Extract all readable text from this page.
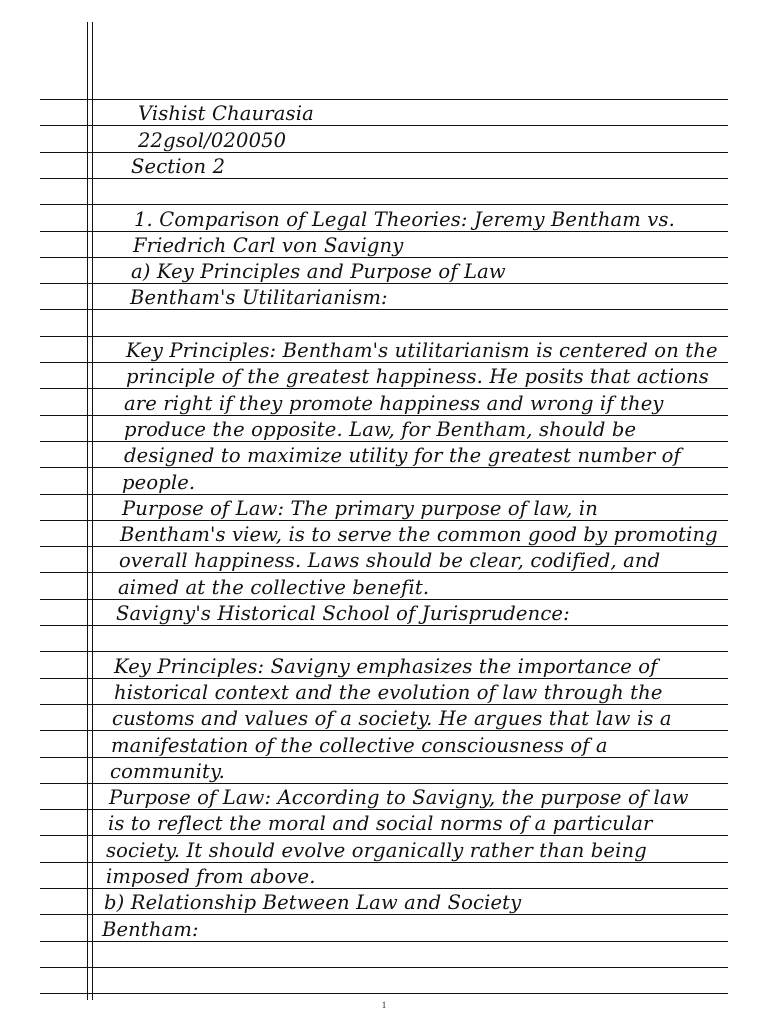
Vishist Chaurasia
22gsol/020050
Section 2
1. Comparison of Legal Theories: Jeremy Bentham vs.
Friedrich Carl von Savigny
a) Key Principles and Purpose of Law
Bentham's Utilitarianism:
Key Principles: Bentham's utilitarianism is centered on the
principle of the greatest happiness. He posits that actions
are right if they promote happiness and wrong if they
produce the opposite. Law, for Bentham, should be
designed to maximize utility for the greatest number of
people.
Purpose of Law: The primary purpose of law, in
Bentham's view, is to serve the common good by promoting
overall happiness. Laws should be clear, codified, and
aimed at the collective benefit.
Savigny's Historical School of Jurisprudence:
Key Principles: Savigny emphasizes the importance of
historical context and the evolution of law through the
customs and values of a society. He argues that law is a
manifestation of the collective consciousness of a
community.
Purpose of Law: According to Savigny, the purpose of law
is to reflect the moral and social norms of a particular
society. It should evolve organically rather than being
imposed from above.
b) Relationship Between Law and Society
Bentham:
1
